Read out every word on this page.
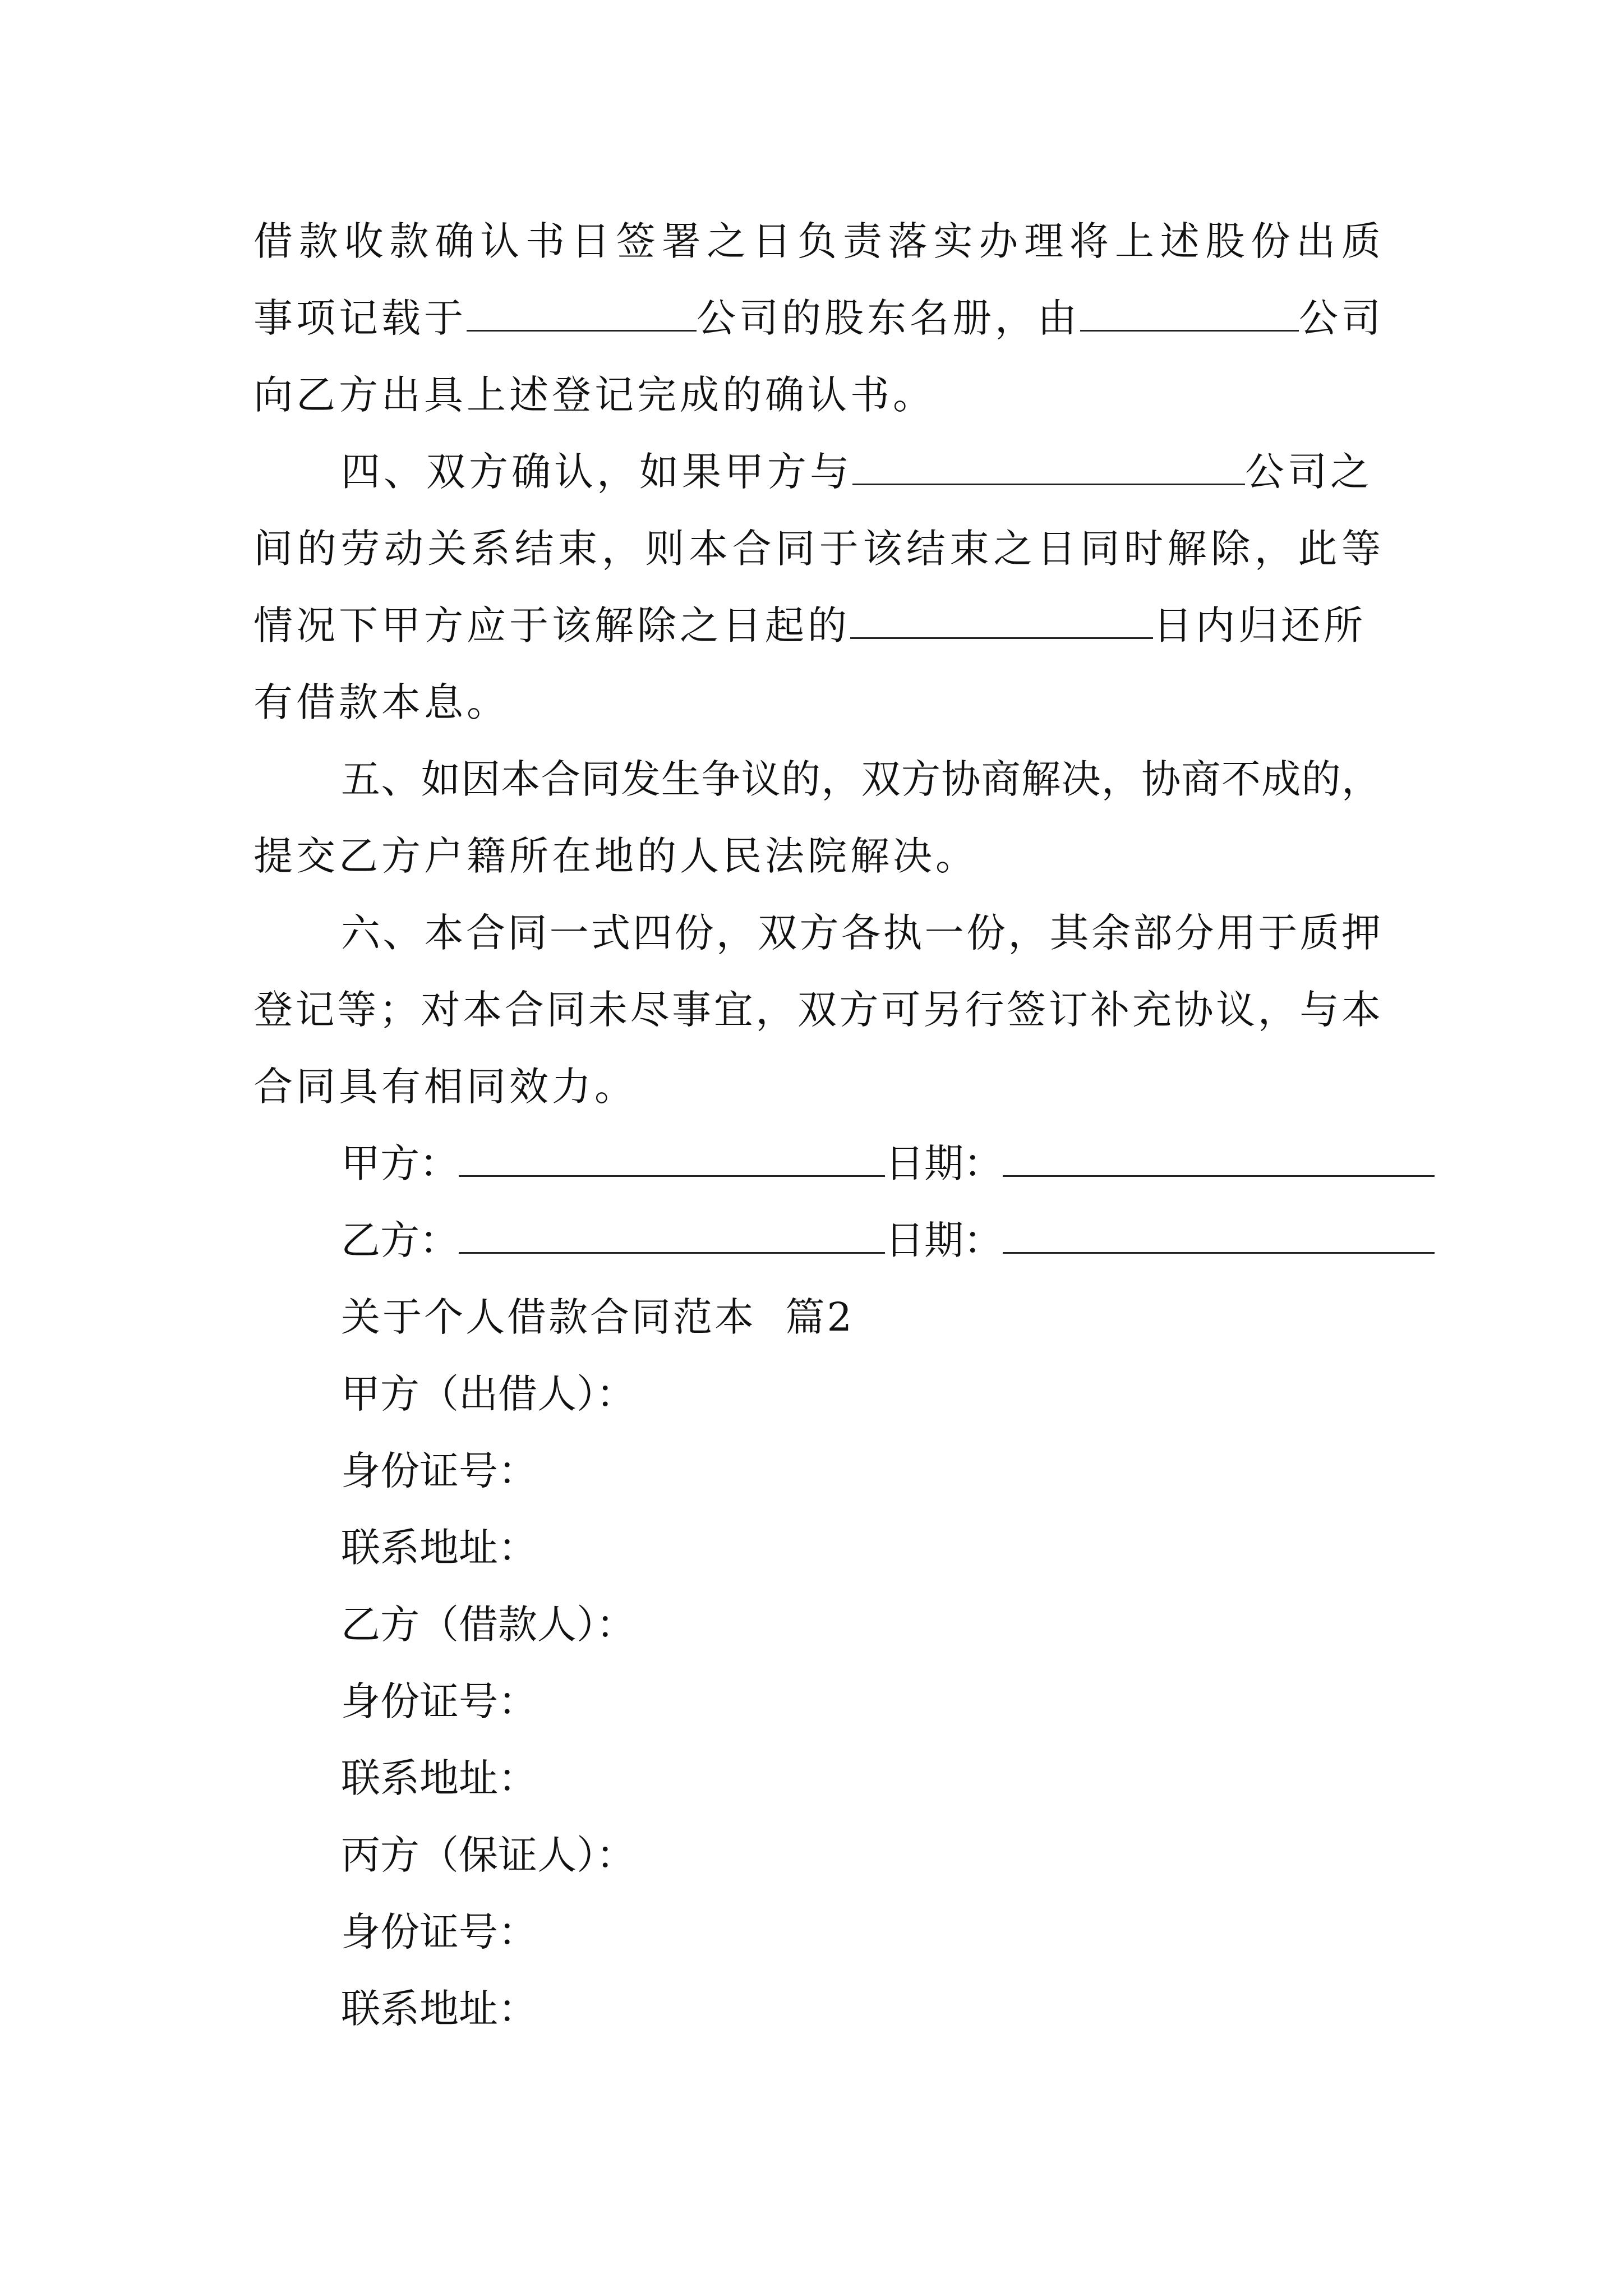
借款收款确认书日签署之日负责落实办理将上述股份出质
事项记载于	公司的股东名册，由	公司
向乙方出具上述登记完成的确认书。
四、双方确认，如果甲方与	公司之
间的劳动关系结束，则本合同于该结束之日同时解除，此等
情况下甲方应于该解除之日起的	日内归还所
有借款本息。
五、如因本合同发生争议的，双方协商解决，协商不成的，
提交乙方户籍所在地的人民法院解决。
六、本合同一式四份，双方各执一份，其余部分用于质押
登记等；对本合同未尽事宜，双方可另行签订补充协议，与本
合同具有相同效力。
甲方：	日期：
乙方：	日期：
关于个人借款合同范本  篇2
甲方（出借人）：
身份证号：
联系地址：
乙方（借款人）：
身份证号：
联系地址：
丙方（保证人）：
身份证号：
联系地址：
